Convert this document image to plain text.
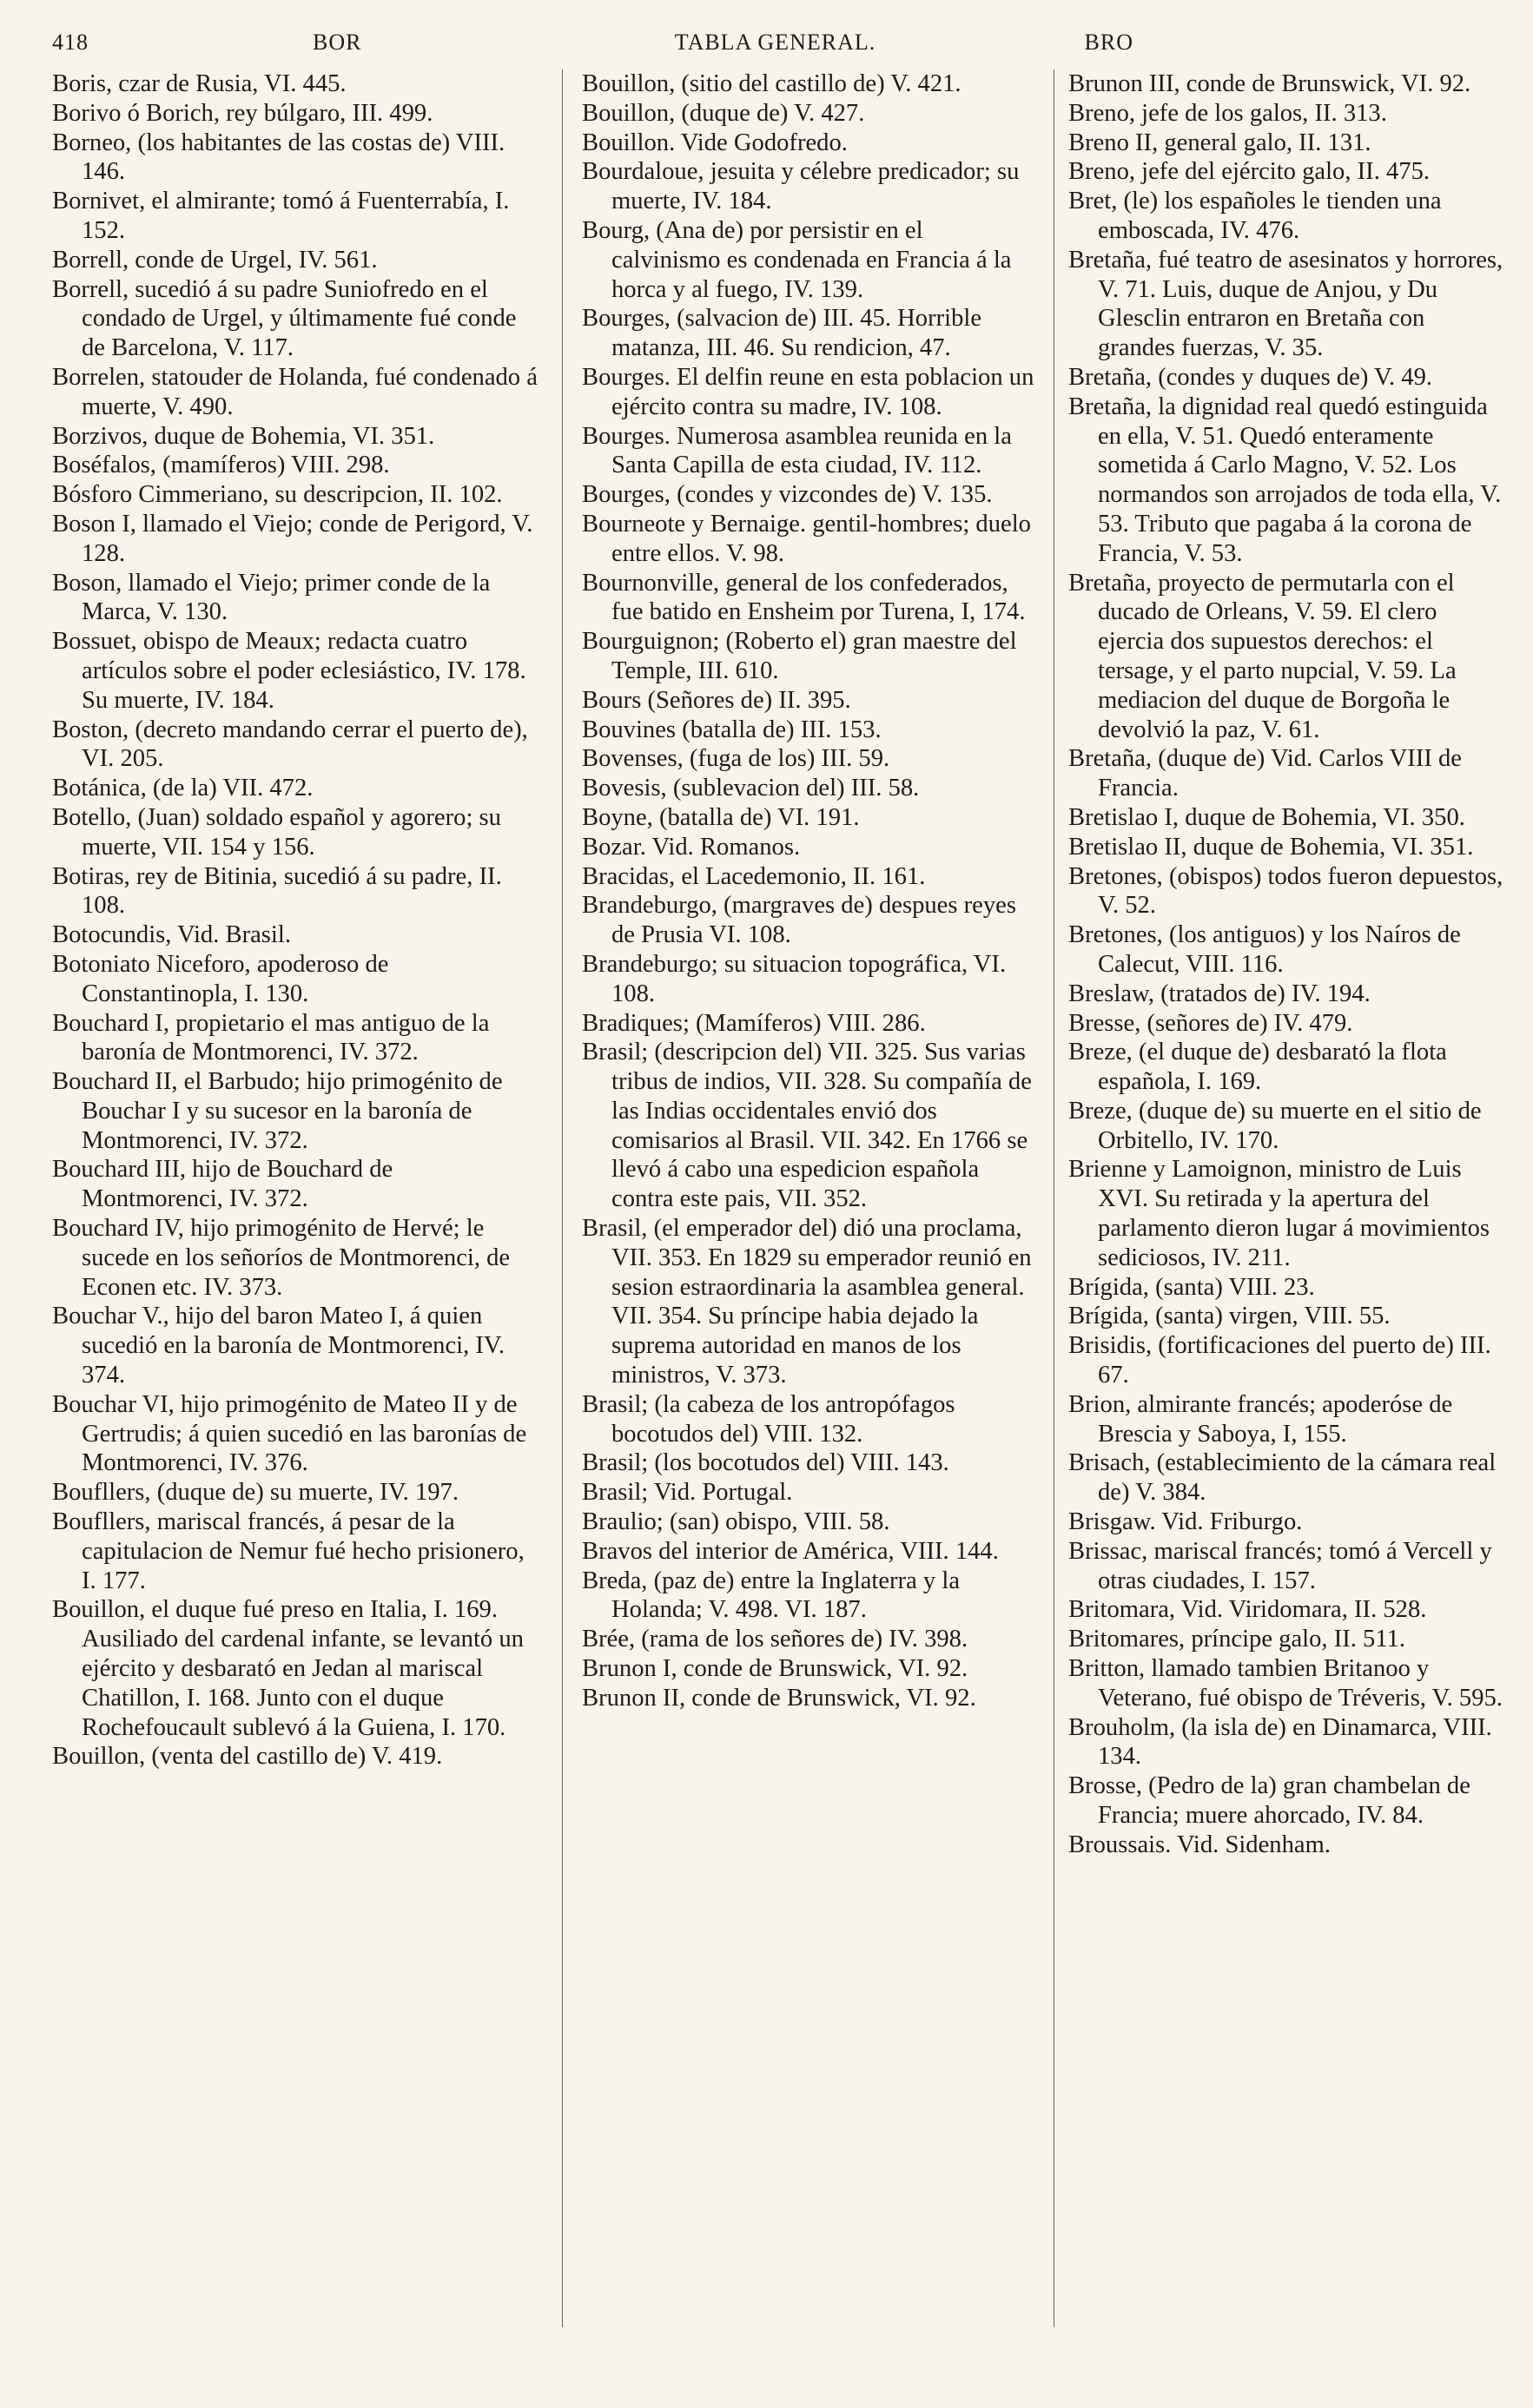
418	BOR	TABLA GENERAL.	BRO

Boris, czar de Rusia, VI. 445.

Borivo ó Borich, rey búlgaro, III. 499.

Borneo, (los habitantes de las costas de) VIII. 146.

Bornivet, el almirante; tomó á Fuenterrabía, I. 152.

Borrell, conde de Urgel, IV. 561.

Borrell, sucedió á su padre Suniofredo en el condado de Urgel, y últimamente fué conde de Barcelona, V. 117.

Borrelen, statouder de Holanda, fué condenado á muerte, V. 490.

Borzivos, duque de Bohemia, VI. 351.

Boséfalos, (mamíferos) VIII. 298.

Bósforo Cimmeriano, su descripcion, II. 102.

Boson I, llamado el Viejo; conde de Perigord, V. 128.

Boson, llamado el Viejo; primer conde de la Marca, V. 130.

Bossuet, obispo de Meaux; redacta cuatro artículos sobre el poder eclesiástico, IV. 178. Su muerte, IV. 184.

Boston, (decreto mandando cerrar el puerto de), VI. 205.

Botánica, (de la) VII. 472.

Botello, (Juan) soldado español y agorero; su muerte, VII. 154 y 156.

Botiras, rey de Bitinia, sucedió á su padre, II. 108.

Botocundis, Vid. Brasil.

Botoniato Niceforo, apoderoso de Constantinopla, I. 130.

Bouchard I, propietario el mas antiguo de la baronía de Montmorenci, IV. 372.

Bouchard II, el Barbudo; hijo primogénito de Bouchar I y su sucesor en la baronía de Montmorenci, IV. 372.

Bouchard III, hijo de Bouchard de Montmorenci, IV. 372.

Bouchard IV, hijo primogénito de Hervé; le sucede en los señoríos de Montmorenci, de Econen etc. IV. 373.

Bouchar V., hijo del baron Mateo I, á quien sucedió en la baronía de Montmorenci, IV. 374.

Bouchar VI, hijo primogénito de Mateo II y de Gertrudis; á quien sucedió en las baronías de Montmorenci, IV. 376.

Boufllers, (duque de) su muerte, IV. 197.

Boufllers, mariscal francés, á pesar de la capitulacion de Nemur fué hecho prisionero, I. 177.

Bouillon, el duque fué preso en Italia, I. 169. Ausiliado del cardenal infante, se levantó un ejército y desbarató en Jedan al mariscal Chatillon, I. 168. Junto con el duque Rochefoucault sublevó á la Guiena, I. 170.

Bouillon, (venta del castillo de) V. 419.

Bouillon, (sitio del castillo de) V. 421.

Bouillon, (duque de) V. 427.

Bouillon. Vide Godofredo.

Bourdaloue, jesuita y célebre predicador; su muerte, IV. 184.

Bourg, (Ana de) por persistir en el calvinismo es condenada en Francia á la horca y al fuego, IV. 139.

Bourges, (salvacion de) III. 45. Horrible matanza, III. 46. Su rendicion, 47.

Bourges. El delfin reune en esta poblacion un ejército contra su madre, IV. 108.

Bourges. Numerosa asamblea reunida en la Santa Capilla de esta ciudad, IV. 112.

Bourges, (condes y vizcondes de) V. 135.

Bourneote y Bernaige. gentil-hombres; duelo entre ellos. V. 98.

Bournonville, general de los confederados, fue batido en Ensheim por Turena, I, 174.

Bourguignon; (Roberto el) gran maestre del Temple, III. 610.

Bours (Señores de) II. 395.

Bouvines (batalla de) III. 153.

Bovenses, (fuga de los) III. 59.

Bovesis, (sublevacion del) III. 58.

Boyne, (batalla de) VI. 191.

Bozar. Vid. Romanos.

Bracidas, el Lacedemonio, II. 161.

Brandeburgo, (margraves de) despues reyes de Prusia VI. 108.

Brandeburgo; su situacion topográfica, VI. 108.

Bradiques; (Mamíferos) VIII. 286.

Brasil; (descripcion del) VII. 325. Sus varias tribus de indios, VII. 328. Su compañía de las Indias occidentales envió dos comisarios al Brasil. VII. 342. En 1766 se llevó á cabo una espedicion española contra este pais, VII. 352.

Brasil, (el emperador del) dió una proclama, VII. 353. En 1829 su emperador reunió en sesion estraordinaria la asamblea general. VII. 354. Su príncipe habia dejado la suprema autoridad en manos de los ministros, V. 373.

Brasil; (la cabeza de los antropófagos bocotudos del) VIII. 132.

Brasil; (los bocotudos del) VIII. 143.

Brasil; Vid. Portugal.

Braulio; (san) obispo, VIII. 58.

Bravos del interior de América, VIII. 144.

Breda, (paz de) entre la Inglaterra y la Holanda; V. 498. VI. 187.

Brée, (rama de los señores de) IV. 398.

Brunon I, conde de Brunswick, VI. 92.

Brunon II, conde de Brunswick, VI. 92.

Brunon III, conde de Brunswick, VI. 92.

Breno, jefe de los galos, II. 313.

Breno II, general galo, II. 131.

Breno, jefe del ejército galo, II. 475.

Bret, (le) los españoles le tienden una emboscada, IV. 476.

Bretaña, fué teatro de asesinatos y horrores, V. 71. Luis, duque de Anjou, y Du Glesclin entraron en Bretaña con grandes fuerzas, V. 35.

Bretaña, (condes y duques de) V. 49.

Bretaña, la dignidad real quedó estinguida en ella, V. 51. Quedó enteramente sometida á Carlo Magno, V. 52. Los normandos son arrojados de toda ella, V. 53. Tributo que pagaba á la corona de Francia, V. 53.

Bretaña, proyecto de permutarla con el ducado de Orleans, V. 59. El clero ejercia dos supuestos derechos: el tersage, y el parto nupcial, V. 59. La mediacion del duque de Borgoña le devolvió la paz, V. 61.

Bretaña, (duque de) Vid. Carlos VIII de Francia.

Bretislao I, duque de Bohemia, VI. 350.

Bretislao II, duque de Bohemia, VI. 351.

Bretones, (obispos) todos fueron depuestos, V. 52.

Bretones, (los antiguos) y los Naíros de Calecut, VIII. 116.

Breslaw, (tratados de) IV. 194.

Bresse, (señores de) IV. 479.

Breze, (el duque de) desbarató la flota española, I. 169.

Breze, (duque de) su muerte en el sitio de Orbitello, IV. 170.

Brienne y Lamoignon, ministro de Luis XVI. Su retirada y la apertura del parlamento dieron lugar á movimientos sediciosos, IV. 211.

Brígida, (santa) VIII. 23.

Brígida, (santa) virgen, VIII. 55.

Brisidis, (fortificaciones del puerto de) III. 67.

Brion, almirante francés; apoderóse de Brescia y Saboya, I, 155.

Brisach, (establecimiento de la cámara real de) V. 384.

Brisgaw. Vid. Friburgo.

Brissac, mariscal francés; tomó á Vercell y otras ciudades, I. 157.

Britomara, Vid. Viridomara, II. 528.

Britomares, príncipe galo, II. 511.

Britton, llamado tambien Britanoo y Veterano, fué obispo de Tréveris, V. 595.

Brouholm, (la isla de) en Dinamarca, VIII. 134.

Brosse, (Pedro de la) gran chambelan de Francia; muere ahorcado, IV. 84.

Broussais. Vid. Sidenham.
